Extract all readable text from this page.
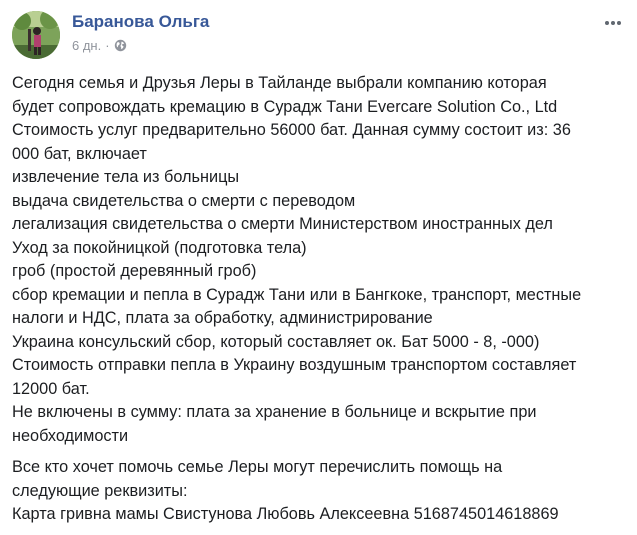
Баранова Ольга
6 дн. ·
Сегодня семья и Друзья Леры в Тайланде выбрали компанию которая
будет сопровождать кремацию в Сурадж Тани Evercare Solution Co., Ltd
Стоимость услуг предварительно 56000 бат. Данная сумму состоит из: 36
000 бат, включает
извлечение тела из больницы
выдача свидетельства о смерти с переводом
легализация свидетельства о смерти Министерством иностранных дел
Уход за покойницкой (подготовка тела)
гроб (простой деревянный гроб)
сбор кремации и пепла в Сурадж Тани или в Бангкоке, транспорт, местные
налоги и НДС, плата за обработку, администрирование
Украина консульский сбор, который составляет ок. Бат 5000 - 8, -000)
Стоимость отправки пепла в Украину воздушным транспортом составляет
12000 бат.
Не включены в сумму: плата за хранение в больнице и вскрытие при
необходимости
Все кто хочет помочь семье Леры могут перечислить помощь на
следующие реквизиты:
Карта гривна мамы Свистунова Любовь Алексеевна 5168745014618869
